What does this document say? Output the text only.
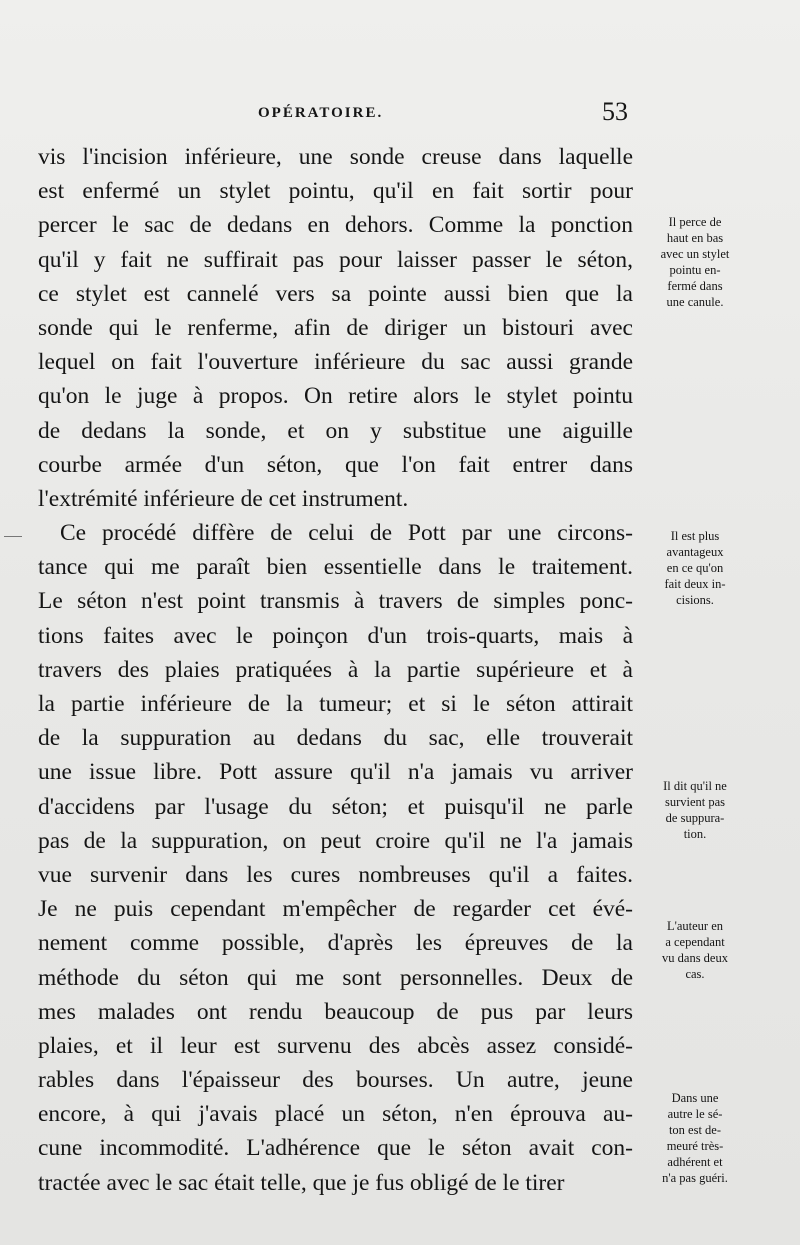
OPÉRATOIRE.	53
vis l'incision inférieure, une sonde creuse dans laquelle
est enfermé un stylet pointu, qu'il en fait sortir pour
percer le sac de dedans en dehors. Comme la ponction
qu'il y fait ne suffirait pas pour laisser passer le séton,
ce stylet est cannelé vers sa pointe aussi bien que la
sonde qui le renferme, afin de diriger un bistouri avec
lequel on fait l'ouverture inférieure du sac aussi grande
qu'on le juge à propos. On retire alors le stylet pointu
de dedans la sonde, et on y substitue une aiguille
courbe armée d'un séton, que l'on fait entrer dans
l'extrémité inférieure de cet instrument.
Ce procédé diffère de celui de Pott par une circons-
tance qui me paraît bien essentielle dans le traitement.
Le séton n'est point transmis à travers de simples ponc-
tions faites avec le poinçon d'un trois-quarts, mais à
travers des plaies pratiquées à la partie supérieure et à
la partie inférieure de la tumeur; et si le séton attirait
de la suppuration au dedans du sac, elle trouverait
une issue libre. Pott assure qu'il n'a jamais vu arriver
d'accidens par l'usage du séton; et puisqu'il ne parle
pas de la suppuration, on peut croire qu'il ne l'a jamais
vue survenir dans les cures nombreuses qu'il a faites.
Je ne puis cependant m'empêcher de regarder cet évé-
nement comme possible, d'après les épreuves de la
méthode du séton qui me sont personnelles. Deux de
mes malades ont rendu beaucoup de pus par leurs
plaies, et il leur est survenu des abcès assez considé-
rables dans l'épaisseur des bourses. Un autre, jeune
encore, à qui j'avais placé un séton, n'en éprouva au-
cune incommodité. L'adhérence que le séton avait con-
tractée avec le sac était telle, que je fus obligé de le tirer
Il perce de
haut en bas
avec un stylet
pointu en-
fermé dans
une canule.
Il est plus
avantageux
en ce qu'on
fait deux in-
cisions.
Il dit qu'il ne
survient pas
de suppura-
tion.
L'auteur en
a cependant
vu dans deux
cas.
Dans une
autre le sé-
ton est de-
meuré très-
adhérent et
n'a pas guéri.
